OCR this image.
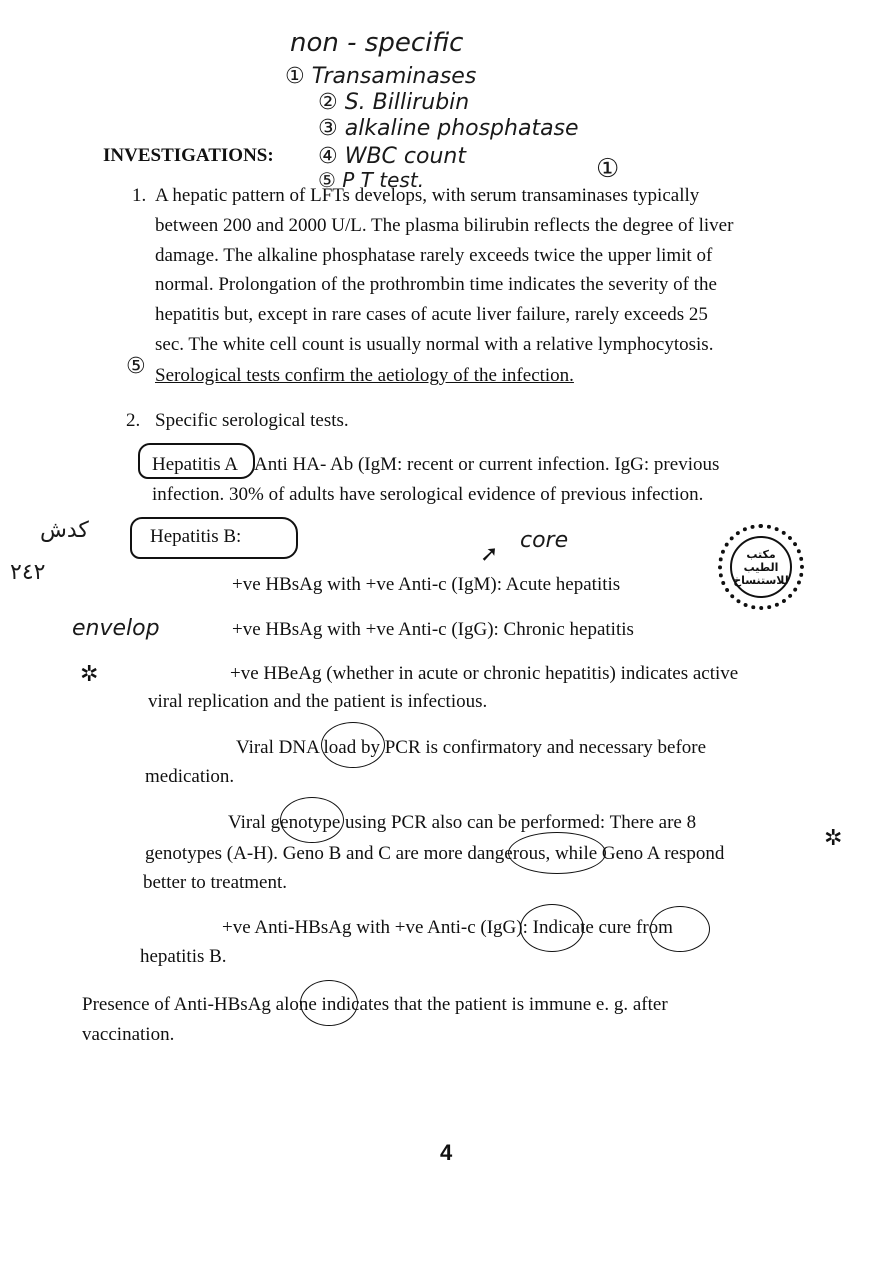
non - specific
① Transaminases
② S. Billirubin
③ alkaline phosphatase
④ WBC count
⑤ P T test.	①
INVESTIGATIONS:
1. A hepatic pattern of LFTs develops, with serum transaminases typically
between 200 and 2000 U/L. The plasma bilirubin reflects the degree of liver
damage. The alkaline phosphatase rarely exceeds twice the upper limit of
normal. Prolongation of the prothrombin time indicates the severity of the
hepatitis but, except in rare cases of acute liver failure, rarely exceeds 25
sec. The white cell count is usually normal with a relative lymphocytosis.
Serological tests confirm the aetiology of the infection.
⑤
2. Specific serological tests.
Hepatitis A Anti HA- Ab (IgM: recent or current infection. IgG: previous
infection. 30% of adults have serological evidence of previous infection.
كدش
٢٤٢
Hepatitis B:	core
➚	مكتب الطيب للاستنساخ
+ve HBsAg with +ve Anti-c (IgM): Acute hepatitis
envelop	+ve HBsAg with +ve Anti-c (IgG): Chronic hepatitis
✲	+ve HBeAg (whether in acute or chronic hepatitis) indicates active
viral replication and the patient is infectious.
Viral DNA load by PCR is confirmatory and necessary before
medication.
Viral genotype using PCR also can be performed: There are 8
✲
genotypes (A-H). Geno B and C are more dangerous, while Geno A respond
better to treatment.
+ve Anti-HBsAg with +ve Anti-c (IgG): Indicate cure from
hepatitis B.
Presence of Anti-HBsAg alone indicates that the patient is immune e. g. after
vaccination.
4
